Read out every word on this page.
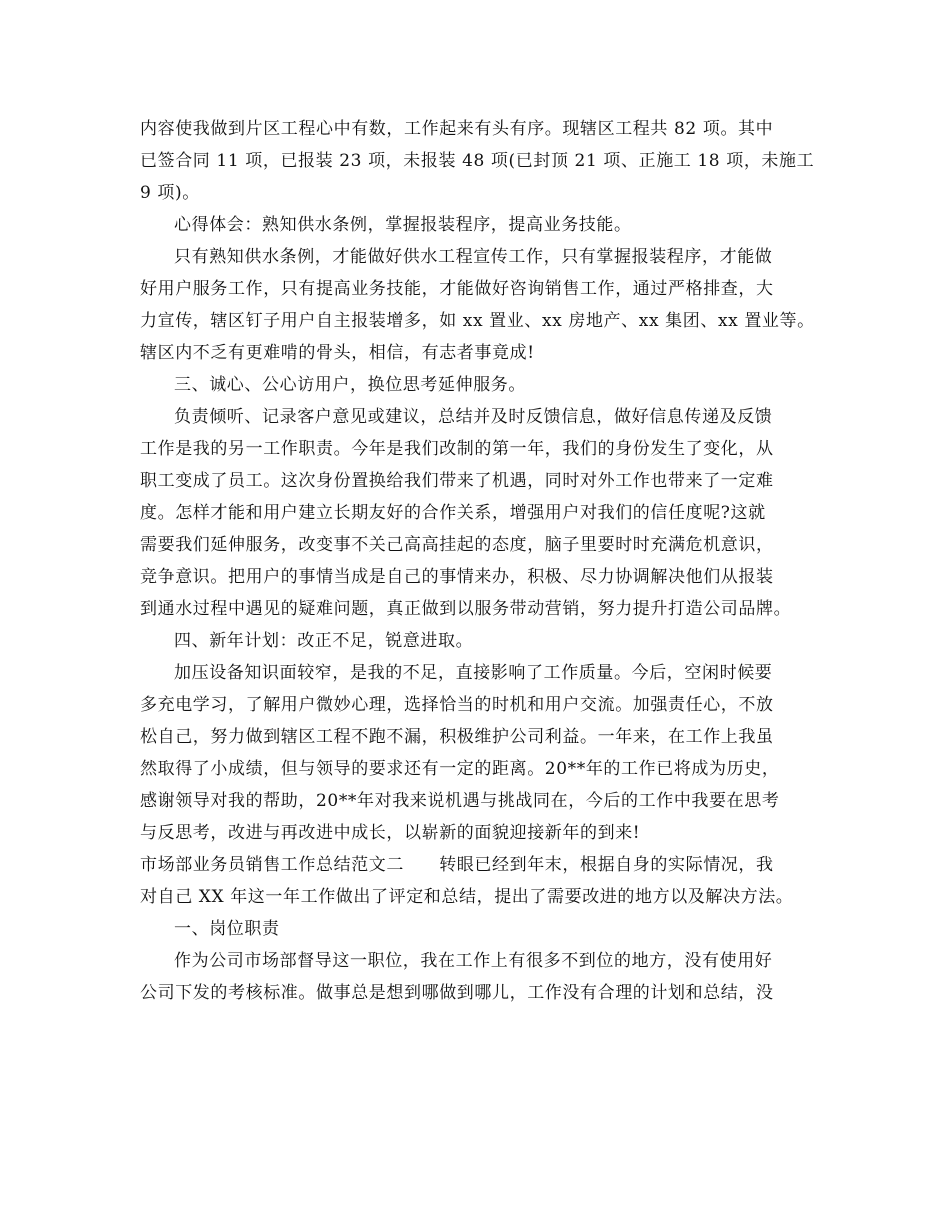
内容使我做到片区工程心中有数，工作起来有头有序。现辖区工程共 82 项。其中
已签合同 11 项，已报装 23 项，未报装 48 项(已封顶 21 项、正施工 18 项，未施工
9 项)。
心得体会：熟知供水条例，掌握报装程序，提高业务技能。
只有熟知供水条例，才能做好供水工程宣传工作，只有掌握报装程序，才能做
好用户服务工作，只有提高业务技能，才能做好咨询销售工作，通过严格排查，大
力宣传，辖区钉子用户自主报装增多，如 xx 置业、xx 房地产、xx 集团、xx 置业等。
辖区内不乏有更难啃的骨头，相信，有志者事竟成!
三、诚心、公心访用户，换位思考延伸服务。
负责倾听、记录客户意见或建议，总结并及时反馈信息，做好信息传递及反馈
工作是我的另一工作职责。今年是我们改制的第一年，我们的身份发生了变化，从
职工变成了员工。这次身份置换给我们带来了机遇，同时对外工作也带来了一定难
度。怎样才能和用户建立长期友好的合作关系，增强用户对我们的信任度呢?这就
需要我们延伸服务，改变事不关己高高挂起的态度，脑子里要时时充满危机意识，
竞争意识。把用户的事情当成是自己的事情来办，积极、尽力协调解决他们从报装
到通水过程中遇见的疑难问题，真正做到以服务带动营销，努力提升打造公司品牌。
四、新年计划：改正不足，锐意进取。
加压设备知识面较窄，是我的不足，直接影响了工作质量。今后，空闲时候要
多充电学习，了解用户微妙心理，选择恰当的时机和用户交流。加强责任心，不放
松自己，努力做到辖区工程不跑不漏，积极维护公司利益。一年来，在工作上我虽
然取得了小成绩，但与领导的要求还有一定的距离。20**年的工作已将成为历史，
感谢领导对我的帮助，20**年对我来说机遇与挑战同在，今后的工作中我要在思考
与反思考，改进与再改进中成长，以崭新的面貌迎接新年的到来!
市场部业务员销售工作总结范文二　　转眼已经到年末，根据自身的实际情况，我
对自己 XX 年这一年工作做出了评定和总结，提出了需要改进的地方以及解决方法。
一、岗位职责
作为公司市场部督导这一职位，我在工作上有很多不到位的地方，没有使用好
公司下发的考核标准。做事总是想到哪做到哪儿，工作没有合理的计划和总结，没
